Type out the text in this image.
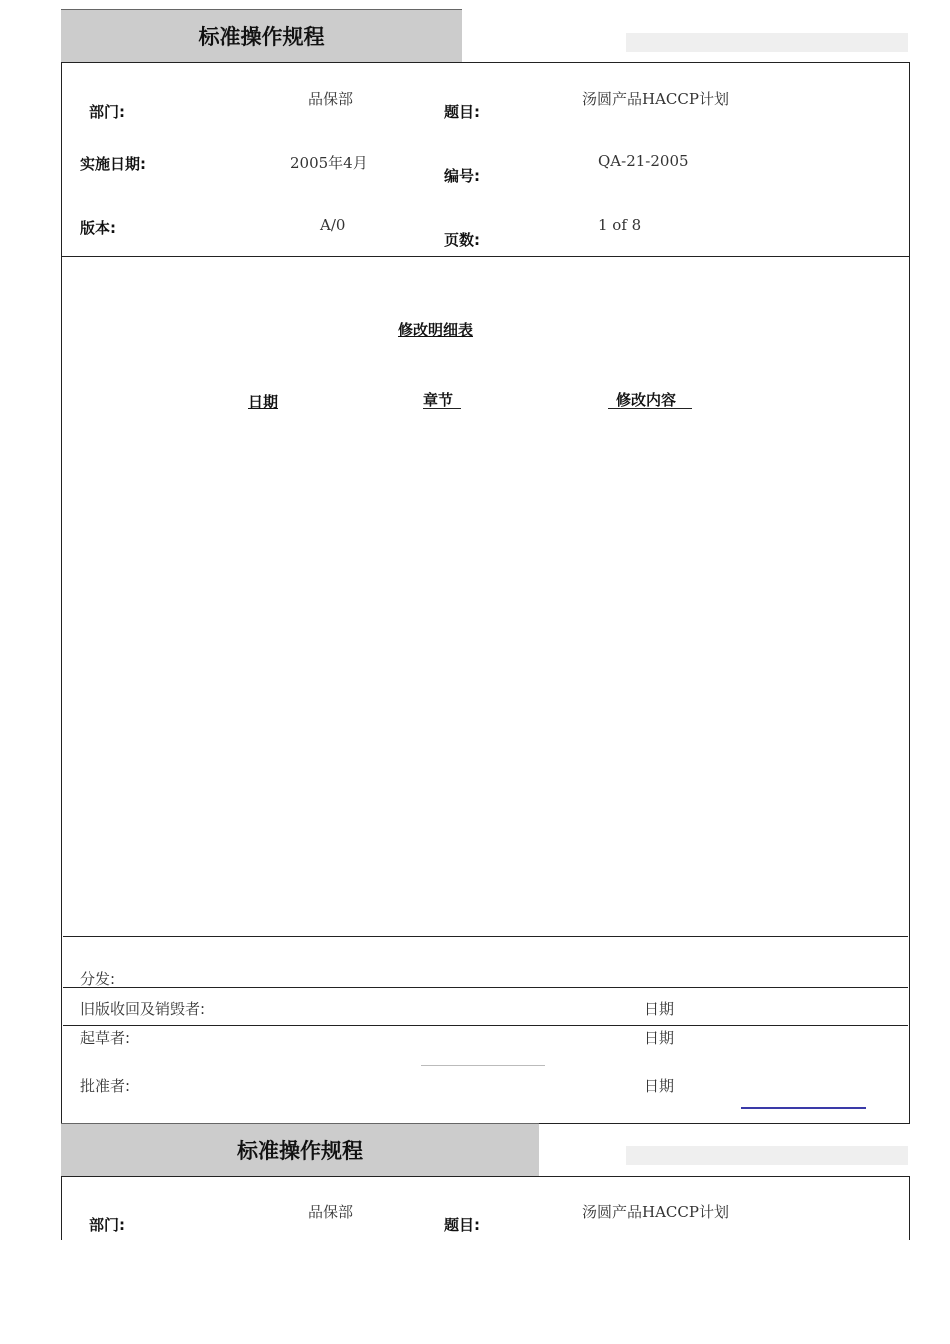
标准操作规程
部门:
品保部
题目:
汤圆产品HACCP计划
实施日期:	2005年4月
编号:
QA-21-2005
版本:	A/0
页数:
1 of 8
修改明细表
日期	章节	修改内容
分发:
旧版收回及销毁者:	日期
起草者:	日期
批准者:	日期
标准操作规程
部门:
品保部
题目:
汤圆产品HACCP计划
